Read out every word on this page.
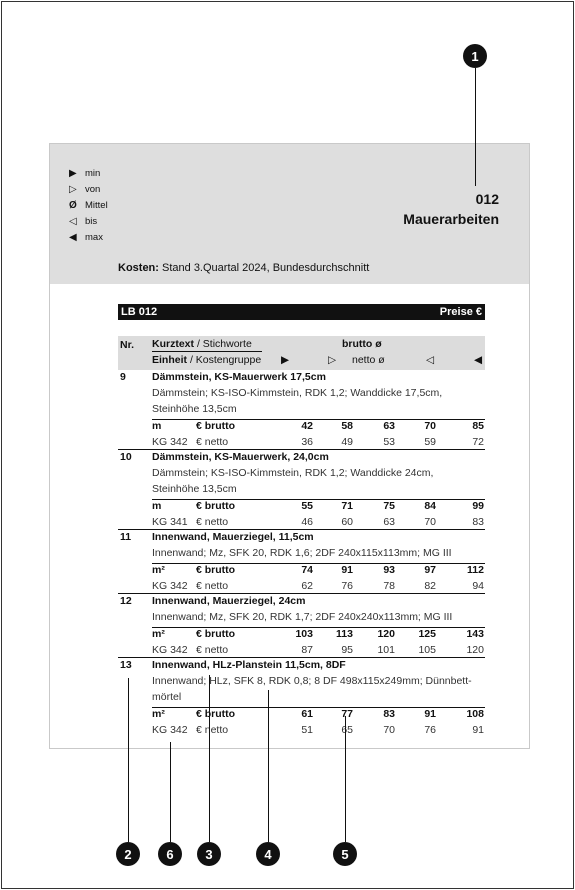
▶ min
▷ von
Ø Mittel
◁ bis
◀ max
012
Mauerarbeiten
Kosten: Stand 3.Quartal 2024, Bundesdurchschnitt
LB 012	Preise €
Nr. Kurztext / Stichworte	brutto ø
Einheit / Kostengruppe ▶	▷ netto ø	◁	◀
9 Dämmstein, KS-Mauerwerk 17,5cm
Dämmstein; KS-ISO-Kimmstein, RDK 1,2; Wanddicke 17,5cm,
Steinhöhe 13,5cm
m	€ brutto	42	58	63	70	85
KG 342 € netto	36	49	53	59	72
10 Dämmstein, KS-Mauerwerk, 24,0cm
Dämmstein; KS-ISO-Kimmstein, RDK 1,2; Wanddicke 24cm,
Steinhöhe 13,5cm
m	€ brutto	55	71	75	84	99
KG 341 € netto	46	60	63	70	83
11 Innenwand, Mauerziegel, 11,5cm
Innenwand; Mz, SFK 20, RDK 1,6; 2DF 240x115x113mm; MG III
m²	€ brutto	74	91	93	97	112
KG 342 € netto	62	76	78	82	94
12 Innenwand, Mauerziegel, 24cm
Innenwand; Mz, SFK 20, RDK 1,7; 2DF 240x240x113mm; MG III
m²	€ brutto	103	113	120	125	143
KG 342 € netto	87	95	101	105	120
13 Innenwand, HLz-Planstein 11,5cm, 8DF
Innenwand; HLz, SFK 8, RDK 0,8; 8 DF 498x115x249mm; Dünnbett-
mörtel
m²	€ brutto	61	77	83	91	108
KG 342 € netto	51	65	70	76	91
1
2	6	3	4	5
